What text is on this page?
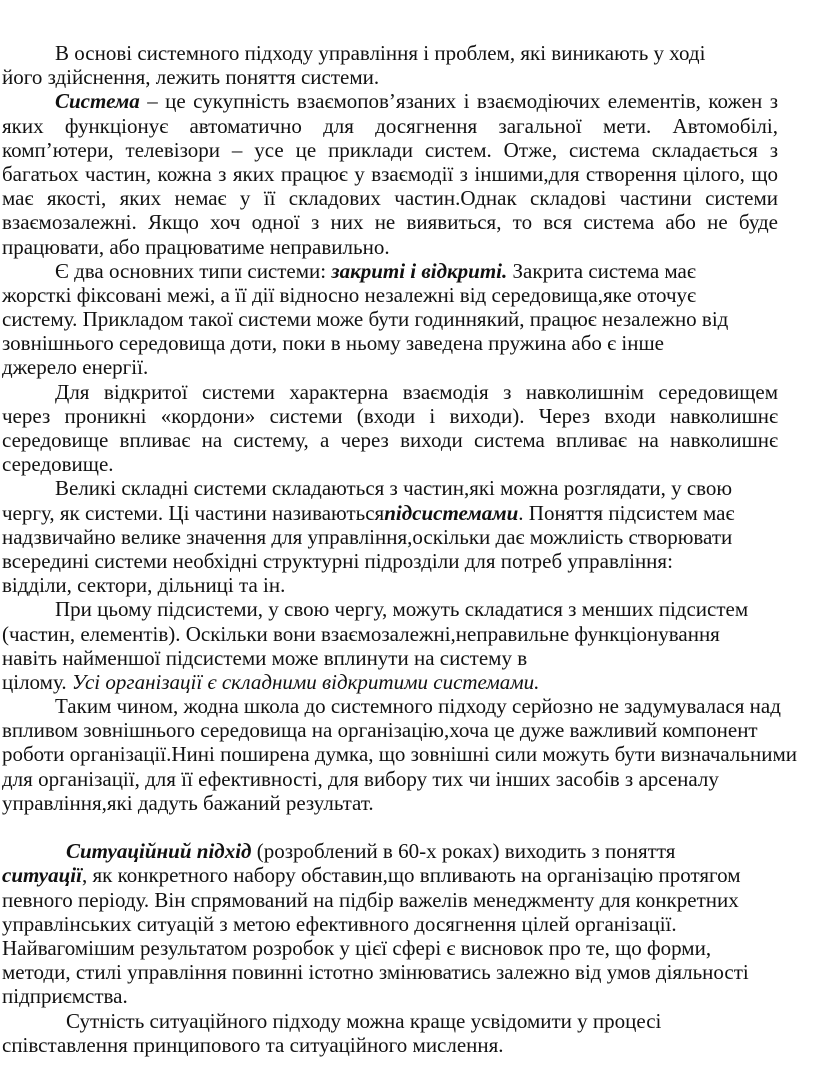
В основі системного підходу управління і проблем, які виникають у ході
його здійснення, лежить поняття системи.
Система – це сукупність взаємопов’язаних і взаємодіючих елементів, кожен з
яких функціонує автоматично для досягнення загальної мети. Автомобілі,
комп’ютери, телевізори – усе це приклади систем. Отже, система складається з
багатьох частин, кожна з яких працює у взаємодії з іншими,для створення цілого, що
має якості, яких немає у її складових частин.Однак складові частини системи
взаємозалежні. Якщо хоч одної з них не виявиться, то вся система або не буде
працювати, або працюватиме неправильно.
Є два основних типи системи: закриті і відкриті. Закрита система має
жорсткі фіксовані межі, а її дії відносно незалежні від середовища,яке оточує
систему. Прикладом такої системи може бути годиннякий, працює незалежно від
зовнішнього середовища доти, поки в ньому заведена пружина або є інше
джерело енергії.
Для відкритої системи характерна взаємодія з навколишнім середовищем
через проникні «кордони» системи (входи і виходи). Через входи навколишнє
середовище впливає на систему, а через виходи система впливає на навколишнє
середовище.
Великі складні системи складаються з частин,які можна розглядати, у свою
чергу, як системи. Ці частини називаютьсяпідсистемами. Поняття підсистем має
надзвичайно велике значення для управління,оскільки дає можлиість створювати
всередині системи необхідні структурні підрозділи для потреб управління:
відділи, сектори, дільниці та ін.
При цьому підсистеми, у свою чергу, можуть складатися з менших підсистем
(частин, елементів). Оскільки вони взаємозалежні,неправильне функціонування
навіть найменшої підсистеми може вплинути на систему в
цілому. Усі організації є складними відкритими системами.
Таким чином, жодна школа до системного підходу серйозно не задумувалася над
впливом зовнішнього середовища на організацію,хоча це дуже важливий компонент
роботи організації.Нині поширена думка, що зовнішні сили можуть бути визначальними
для організації, для її ефективності, для вибору тих чи інших засобів з арсеналу
управління,які дадуть бажаний результат.

Ситуаційний підхід (розроблений в 60-х роках) виходить з поняття
ситуації, як конкретного набору обставин,що впливають на організацію протягом
певного періоду. Він спрямований на підбір важелів менеджменту для конкретних
управлінських ситуацій з метою ефективного досягнення цілей організації.
Найвагомішим результатом розробок у цієї сфері є висновок про те, що форми,
методи, стилі управління повинні істотно змінюватись залежно від умов діяльності
підприємства.
Сутність ситуаційного підходу можна краще усвідомити у процесі
співставлення принципового та ситуаційного мислення.
